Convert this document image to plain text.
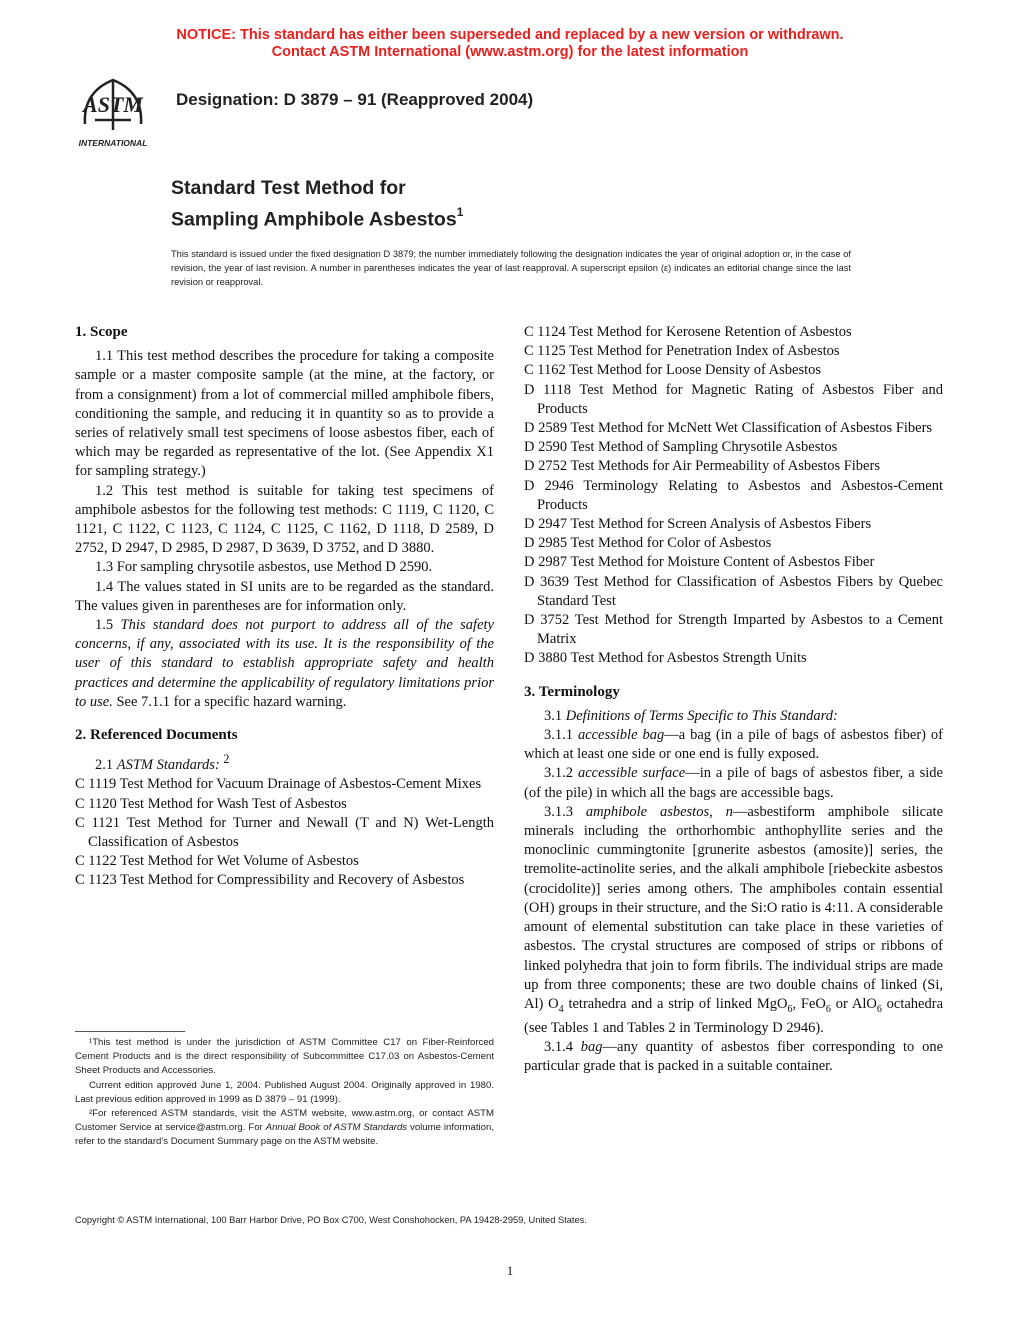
NOTICE: This standard has either been superseded and replaced by a new version or withdrawn.
Contact ASTM International (www.astm.org) for the latest information
ASTM
INTERNATIONAL
Designation: D 3879 – 91 (Reapproved 2004)
Standard Test Method for
Sampling Amphibole Asbestos$^1$
This standard is issued under the fixed designation D 3879; the number immediately following the designation indicates the year of original adoption or, in the case of revision, the year of last revision. A number in parentheses indicates the year of last reapproval. A superscript epsilon (ε) indicates an editorial change since the last revision or reapproval.
1. Scope

1.1 This test method describes the procedure for taking a composite sample or a master composite sample (at the mine, at the factory, or from a consignment) from a lot of commercial milled amphibole fibers, conditioning the sample, and reducing it in quantity so as to provide a series of relatively small test specimens of loose asbestos fiber, each of which may be regarded as representative of the lot. (See Appendix X1 for sampling strategy.)

1.2 This test method is suitable for taking test specimens of amphibole asbestos for the following test methods: C 1119, C 1120, C 1121, C 1122, C 1123, C 1124, C 1125, C 1162, D 1118, D 2589, D 2752, D 2947, D 2985, D 2987, D 3639, D 3752, and D 3880.

1.3 For sampling chrysotile asbestos, use Method D 2590.

1.4 The values stated in SI units are to be regarded as the standard. The values given in parentheses are for information only.

1.5 This standard does not purport to address all of the safety concerns, if any, associated with its use. It is the responsibility of the user of this standard to establish appropriate safety and health practices and determine the applicability of regulatory limitations prior to use. See 7.1.1 for a specific hazard warning.

2. Referenced Documents

2.1 ASTM Standards: $^2$

C 1119 Test Method for Vacuum Drainage of Asbestos-Cement Mixes

C 1120 Test Method for Wash Test of Asbestos

C 1121 Test Method for Turner and Newall (T and N) Wet-Length Classification of Asbestos

C 1122 Test Method for Wet Volume of Asbestos

C 1123 Test Method for Compressibility and Recovery of Asbestos

C 1124 Test Method for Kerosene Retention of Asbestos

C 1125 Test Method for Penetration Index of Asbestos

C 1162 Test Method for Loose Density of Asbestos

D 1118 Test Method for Magnetic Rating of Asbestos Fiber and Products

D 2589 Test Method for McNett Wet Classification of Asbestos Fibers

D 2590 Test Method of Sampling Chrysotile Asbestos

D 2752 Test Methods for Air Permeability of Asbestos Fibers

D 2946 Terminology Relating to Asbestos and Asbestos-Cement Products

D 2947 Test Method for Screen Analysis of Asbestos Fibers

D 2985 Test Method for Color of Asbestos

D 2987 Test Method for Moisture Content of Asbestos Fiber

D 3639 Test Method for Classification of Asbestos Fibers by Quebec Standard Test

D 3752 Test Method for Strength Imparted by Asbestos to a Cement Matrix

D 3880 Test Method for Asbestos Strength Units

3. Terminology

3.1 Definitions of Terms Specific to This Standard:

3.1.1 accessible bag—a bag (in a pile of bags of asbestos fiber) of which at least one side or one end is fully exposed.

3.1.2 accessible surface—in a pile of bags of asbestos fiber, a side (of the pile) in which all the bags are accessible bags.

3.1.3 amphibole asbestos, n—asbestiform amphibole silicate minerals including the orthorhombic anthophyllite series and the monoclinic cummingtonite [grunerite asbestos (amosite)] series, the tremolite-actinolite series, and the alkali amphibole [riebeckite asbestos (crocidolite)] series among others. The amphiboles contain essential (OH) groups in their structure, and the Si:O ratio is 4:11. A considerable amount of elemental substitution can take place in these varieties of asbestos. The crystal structures are composed of strips or ribbons of linked polyhedra that join to form fibrils. The individual strips are made up from three components; these are two double chains of linked (Si, Al) $O_4$ tetrahedra and a strip of linked MgO$_6$, FeO$_6$ or AlO$_6$ octahedra (see Tables 1 and Tables 2 in Terminology D 2946).

3.1.4 bag—any quantity of asbestos fiber corresponding to one particular grade that is packed in a suitable container.

¹This test method is under the jurisdiction of ASTM Committee C17 on Fiber-Reinforced Cement Products and is the direct responsibility of Subcommittee C17.03 on Asbestos-Cement Sheet Products and Accessories.

Current edition approved June 1, 2004. Published August 2004. Originally approved in 1980. Last previous edition approved in 1999 as D 3879 – 91 (1999).

²For referenced ASTM standards, visit the ASTM website, www.astm.org, or contact ASTM Customer Service at service@astm.org. For Annual Book of ASTM Standards volume information, refer to the standard's Document Summary page on the ASTM website.

Copyright © ASTM International, 100 Barr Harbor Drive, PO Box C700, West Conshohocken, PA 19428-2959, United States.
1
